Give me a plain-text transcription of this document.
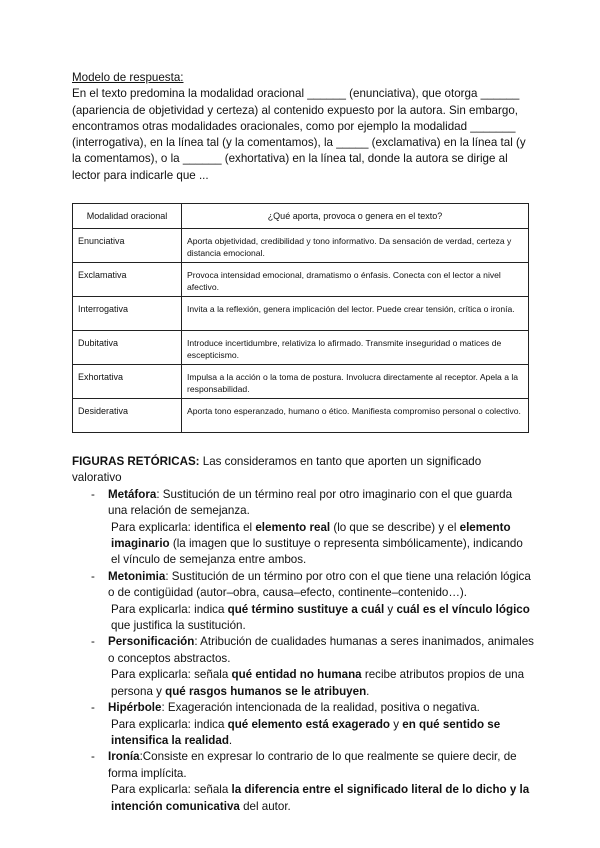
Modelo de respuesta:
En el texto predomina la modalidad oracional ______ (enunciativa), que otorga ______ (apariencia de objetividad y certeza) al contenido expuesto por la autora. Sin embargo, encontramos otras modalidades oracionales, como por ejemplo la modalidad _______ (interrogativa), en la línea tal (y la comentamos), la _____ (exclamativa) en la línea tal (y la comentamos), o la ______ (exhortativa) en la línea tal, donde la autora se dirige al lector para indicarle que ...
Modalidad oracional	¿Qué aporta, provoca o genera en el texto?
Enunciativa	Aporta objetividad, credibilidad y tono informativo. Da sensación de verdad, certeza y distancia emocional.
Exclamativa	Provoca intensidad emocional, dramatismo o énfasis. Conecta con el lector a nivel afectivo.
Interrogativa	Invita a la reflexión, genera implicación del lector. Puede crear tensión, crítica o ironía.
Dubitativa	Introduce incertidumbre, relativiza lo afirmado. Transmite inseguridad o matices de escepticismo.
Exhortativa	Impulsa a la acción o la toma de postura. Involucra directamente al receptor. Apela a la responsabilidad.
Desiderativa	Aporta tono esperanzado, humano o ético. Manifiesta compromiso personal o colectivo.
FIGURAS RETÓRICAS: Las consideramos en tanto que aporten un significado valorativo
- Metáfora: Sustitución de un término real por otro imaginario con el que guarda una relación de semejanza.
Para explicarla: identifica el elemento real (lo que se describe) y el elemento imaginario (la imagen que lo sustituye o representa simbólicamente), indicando el vínculo de semejanza entre ambos.
- Metonimia: Sustitución de un término por otro con el que tiene una relación lógica o de contigüidad (autor–obra, causa–efecto, continente–contenido…).
Para explicarla: indica qué término sustituye a cuál y cuál es el vínculo lógico que justifica la sustitución.
- Personificación: Atribución de cualidades humanas a seres inanimados, animales o conceptos abstractos.
Para explicarla: señala qué entidad no humana recibe atributos propios de una persona y qué rasgos humanos se le atribuyen.
- Hipérbole: Exageración intencionada de la realidad, positiva o negativa.
Para explicarla: indica qué elemento está exagerado y en qué sentido se intensifica la realidad.
- Ironía:Consiste en expresar lo contrario de lo que realmente se quiere decir, de forma implícita.
Para explicarla: señala la diferencia entre el significado literal de lo dicho y la intención comunicativa del autor.
